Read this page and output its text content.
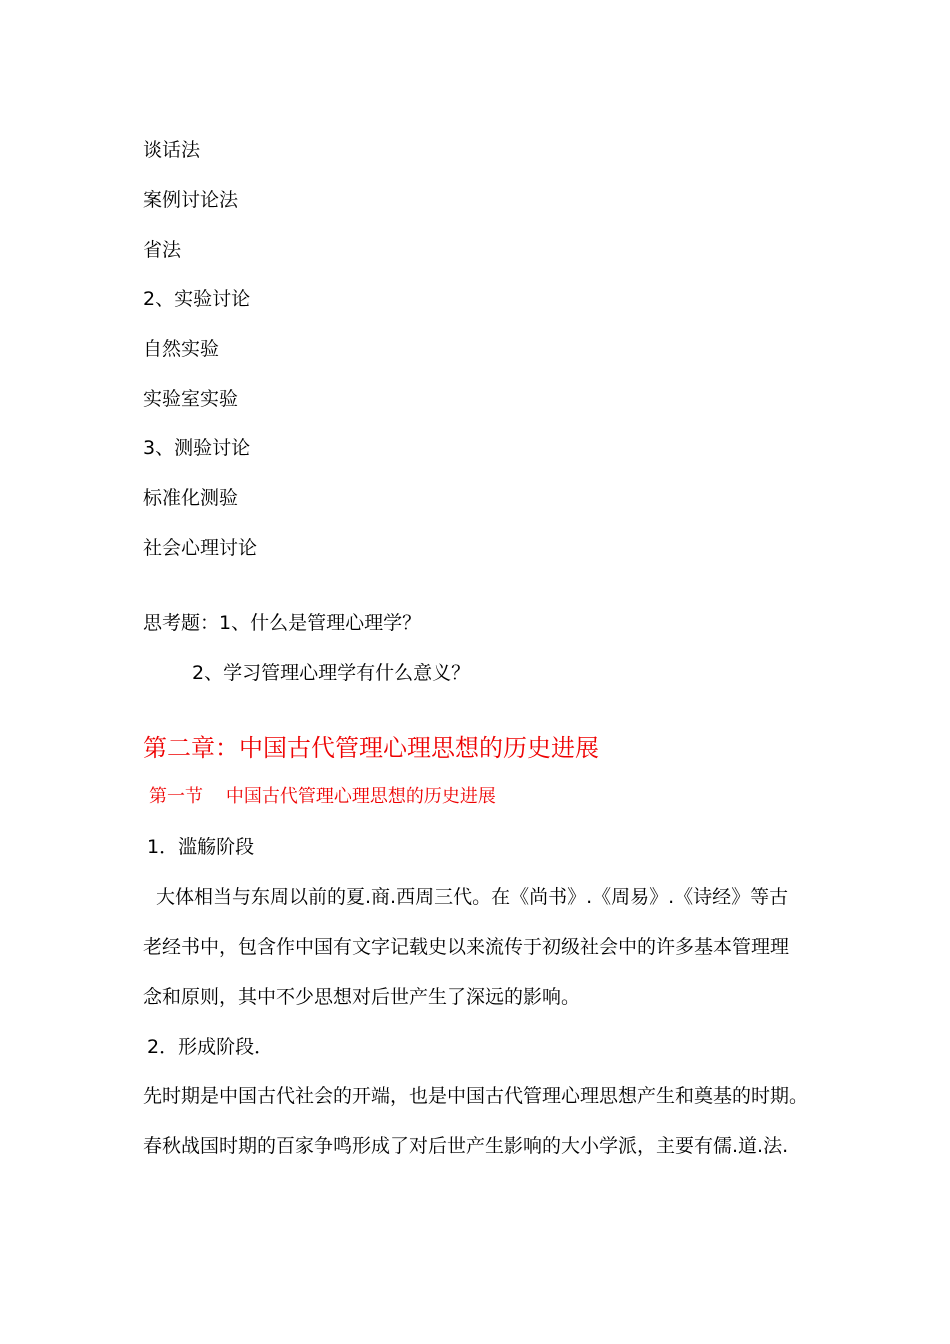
谈话法
案例讨论法
省法
2、实验讨论
自然实验
实验室实验
3、测验讨论
标准化测验
社会心理讨论
思考题：1、什么是管理心理学？
2、学习管理心理学有什么意义？
第二章：中国古代管理心理思想的历史进展
第一节    中国古代管理心理思想的历史进展
1．滥觞阶段
大体相当与东周以前的夏.商.西周三代。在《尚书》.《周易》.《诗经》等古
老经书中，包含作中国有文字记载史以来流传于初级社会中的许多基本管理理
念和原则，其中不少思想对后世产生了深远的影响。
2．形成阶段．
先时期是中国古代社会的开端，也是中国古代管理心理思想产生和奠基的时期。
春秋战国时期的百家争鸣形成了对后世产生影响的大小学派，主要有儒.道.法.
